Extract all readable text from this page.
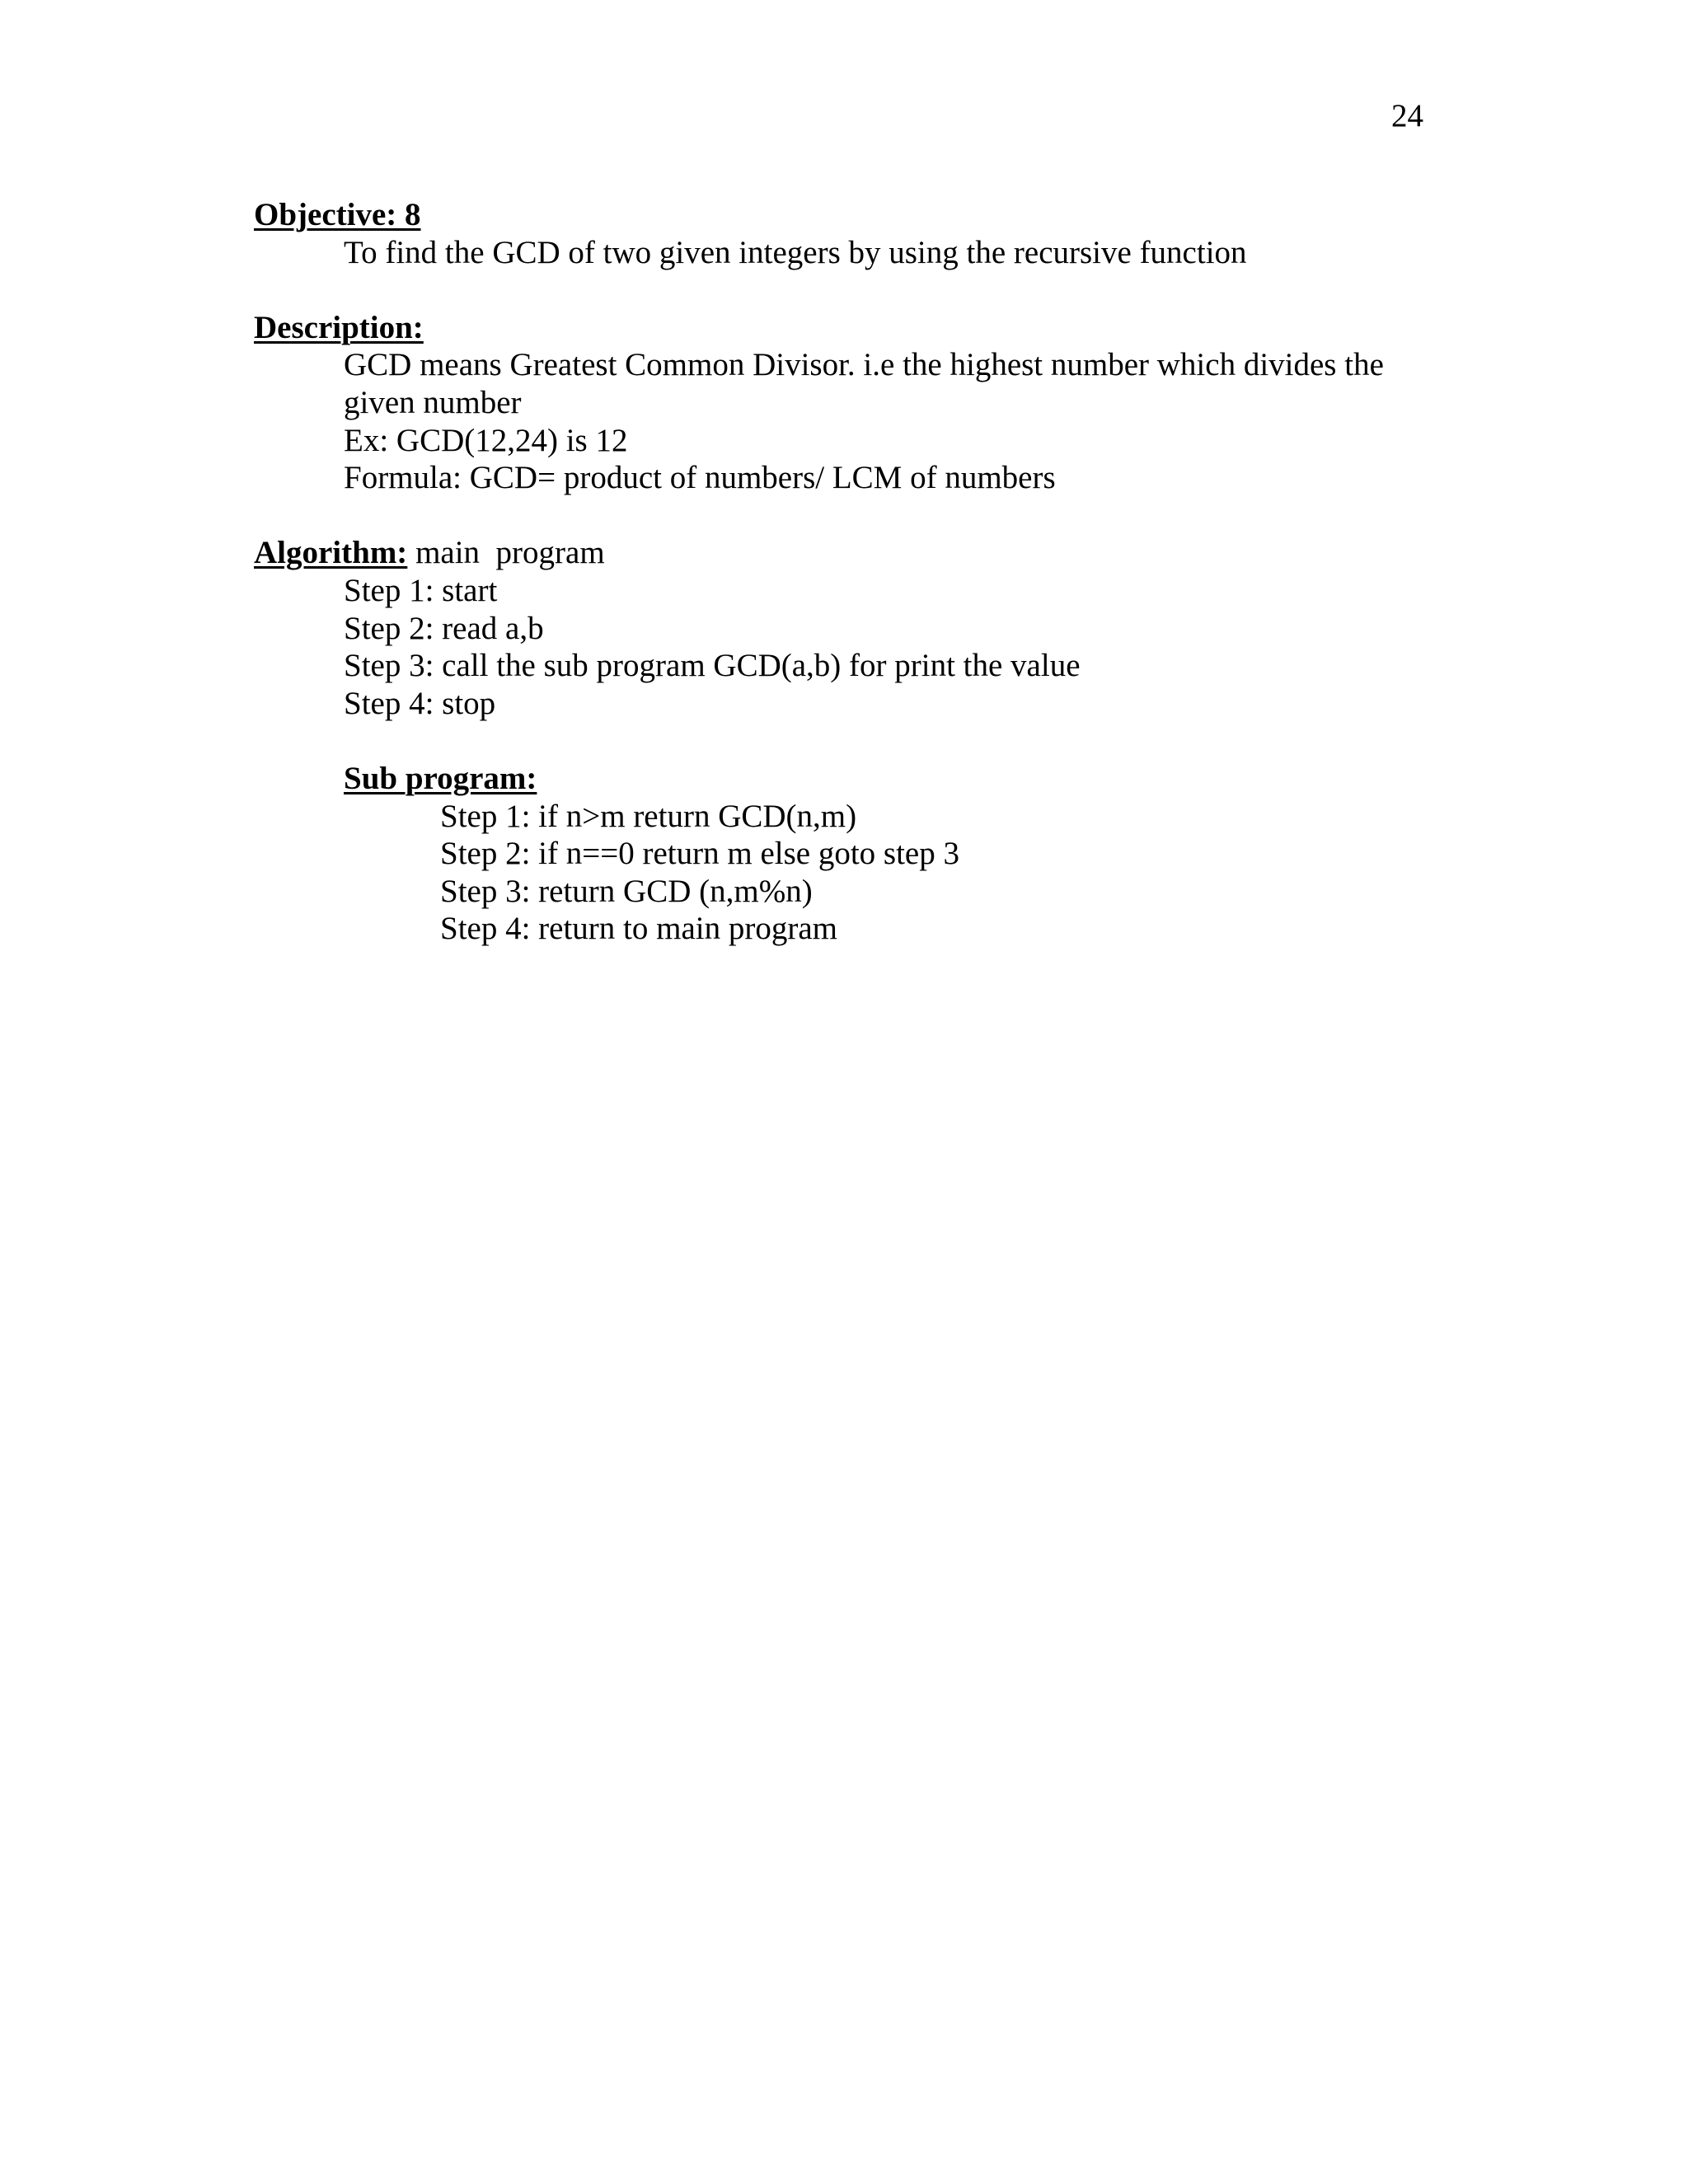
24
Objective: 8
To find the GCD of two given integers by using the recursive function
Description:
GCD means Greatest Common Divisor. i.e the highest number which divides the
given number
Ex: GCD(12,24) is 12
Formula: GCD= product of numbers/ LCM of numbers
Algorithm: main  program
Step 1: start
Step 2: read a,b
Step 3: call the sub program GCD(a,b) for print the value
Step 4: stop
Sub program:
Step 1: if n>m return GCD(n,m)
Step 2: if n==0 return m else goto step 3
Step 3: return GCD (n,m%n)
Step 4: return to main program
